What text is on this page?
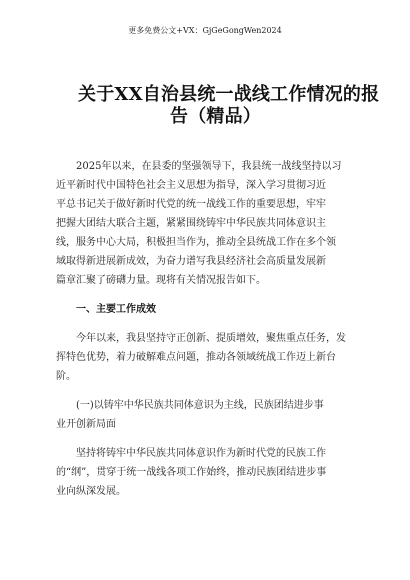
更多免费公文+VX：GjGeGongWen2024
关于XX自治县统一战线工作情况的报
告（精品）
2025年以来，在县委的坚强领导下，我县统一战线坚持以习
近平新时代中国特色社会主义思想为指导，深入学习贯彻习近
平总书记关于做好新时代党的统一战线工作的重要思想，牢牢
把握大团结大联合主题，紧紧围绕铸牢中华民族共同体意识主
线，服务中心大局，积极担当作为，推动全县统战工作在多个领
域取得新进展新成效，为奋力谱写我县经济社会高质量发展新
篇章汇聚了磅礴力量。现将有关情况报告如下。
一、主要工作成效
今年以来，我县坚持守正创新、提质增效，聚焦重点任务，发
挥特色优势，着力破解难点问题，推动各领域统战工作迈上新台
阶。
(一)以铸牢中华民族共同体意识为主线，民族团结进步事
业开创新局面
坚持将铸牢中华民族共同体意识作为新时代党的民族工作
的“纲”，贯穿于统一战线各项工作始终，推动民族团结进步事
业向纵深发展。
